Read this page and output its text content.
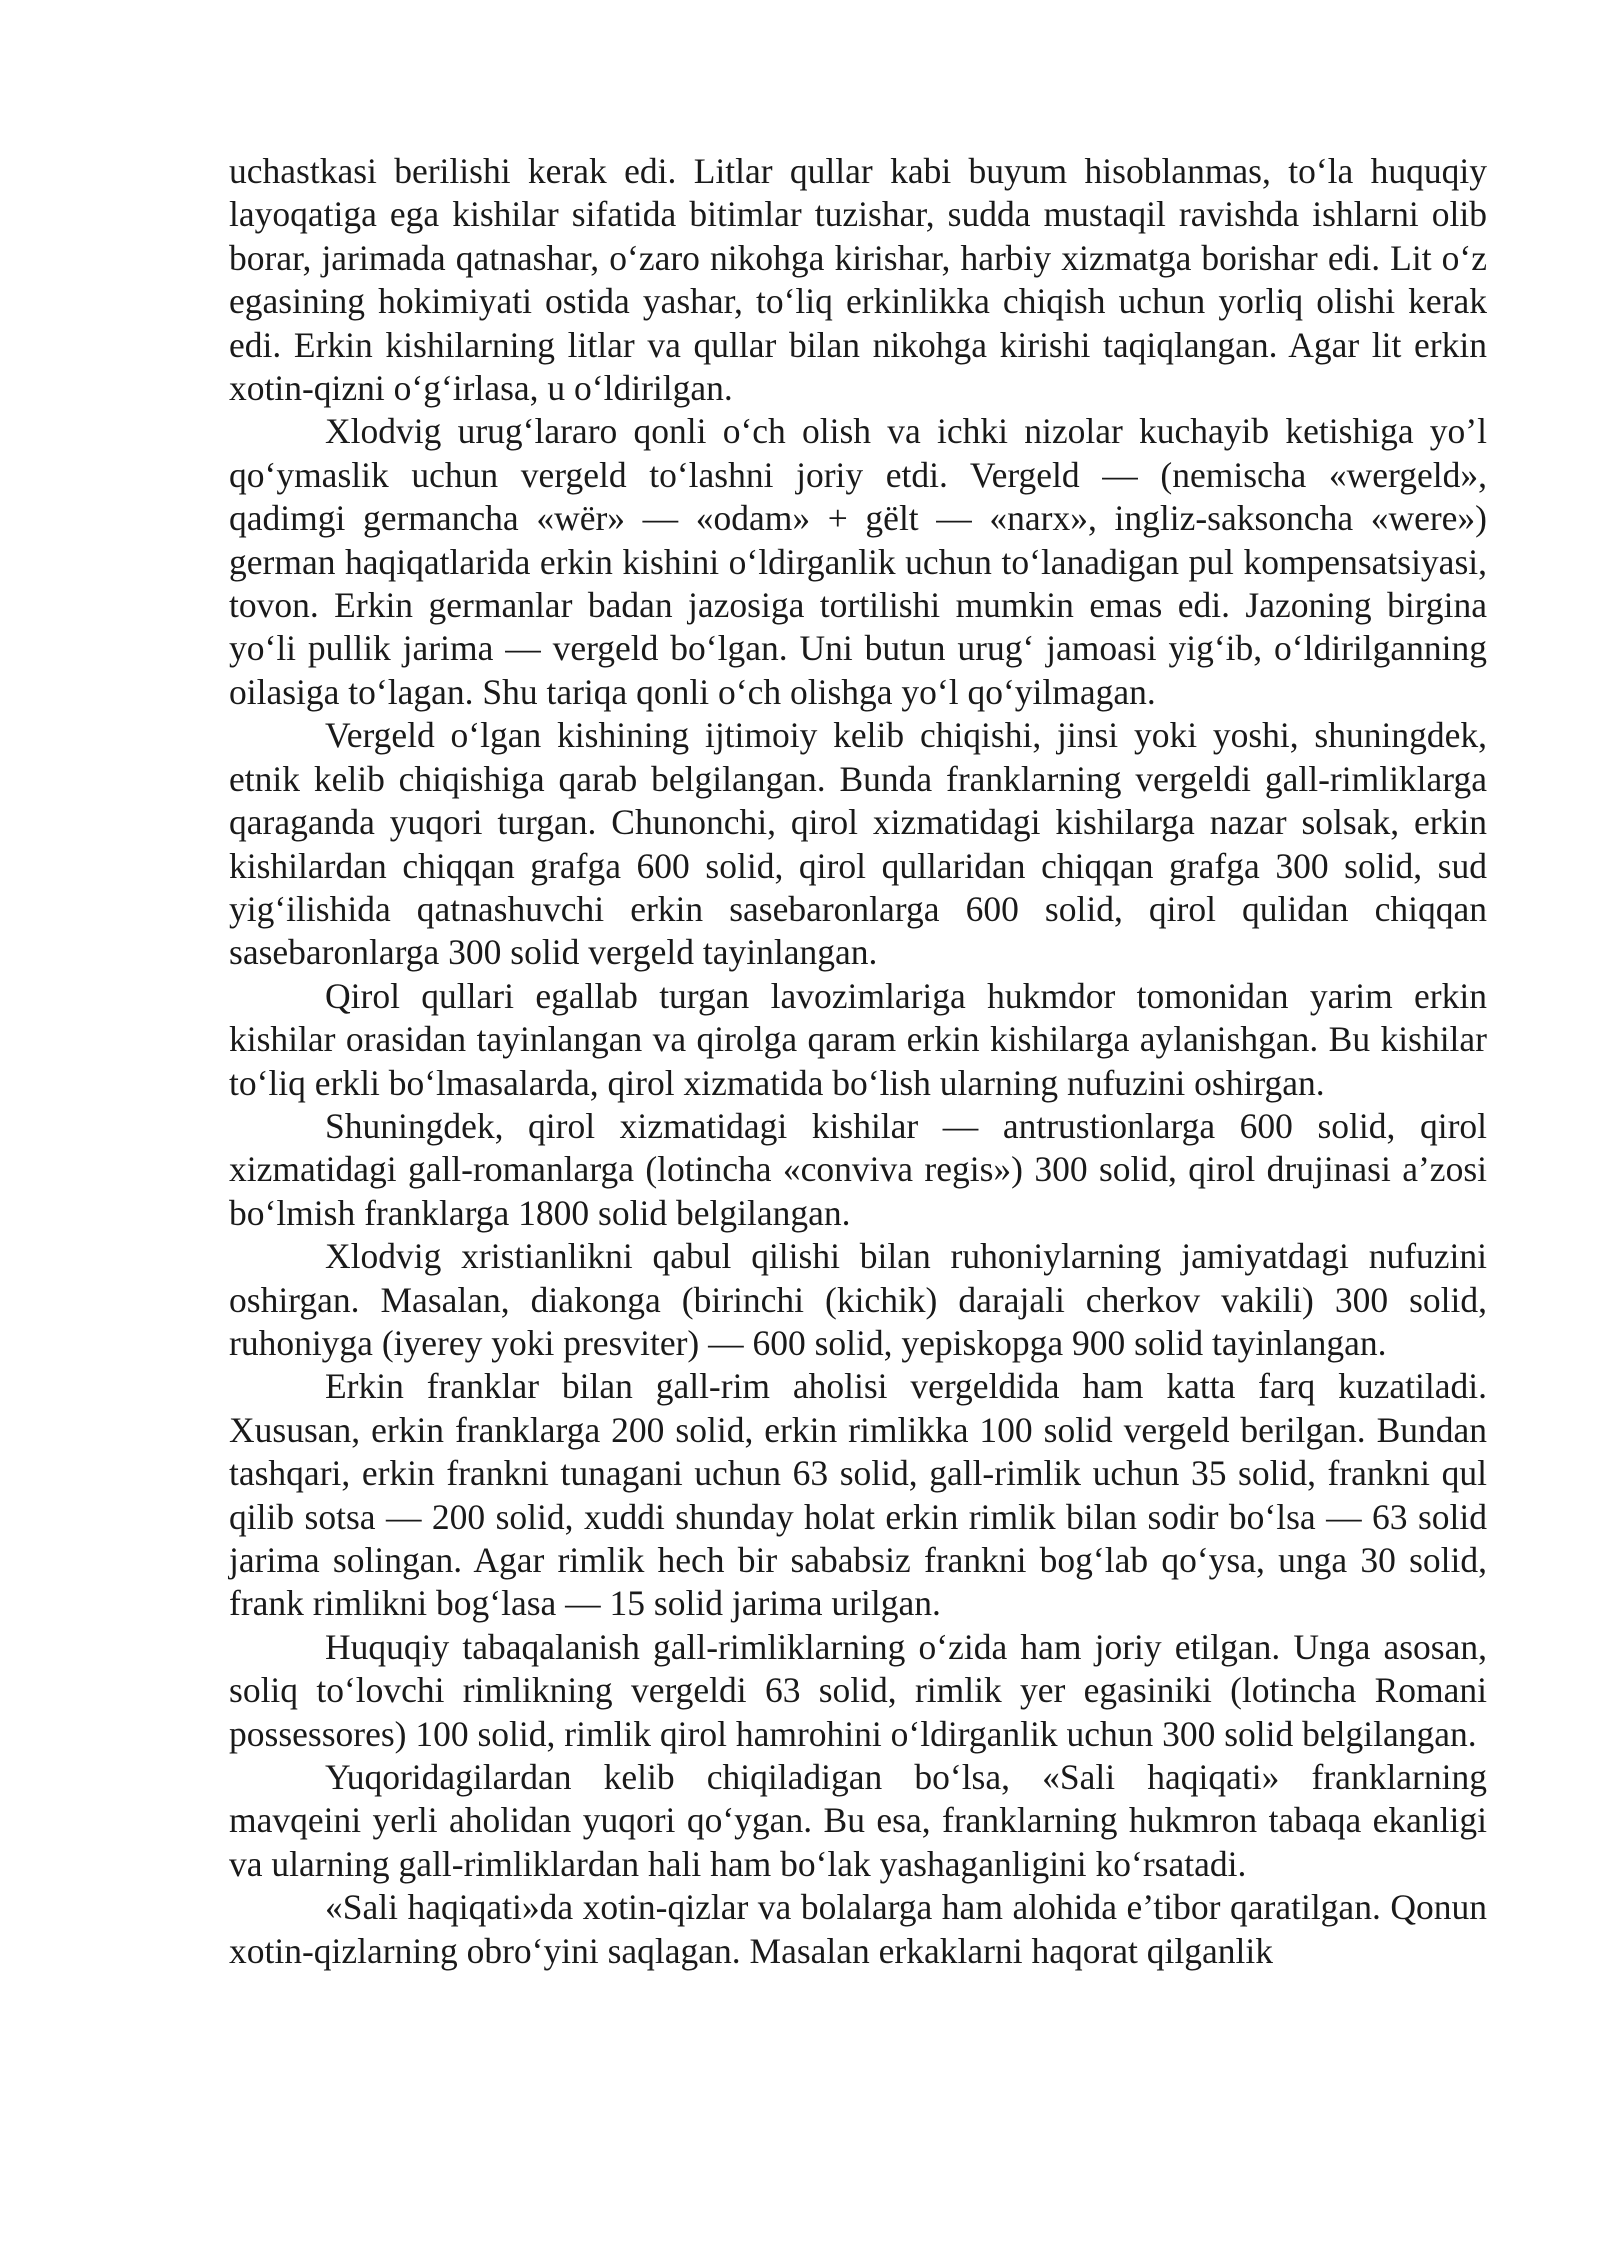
uchastkasi berilishi kerak edi. Litlar qullar kabi buyum hisoblanmas, to‘la huquqiy layoqatiga ega kishilar sifatida bitimlar tuzishar, sudda mustaqil ravishda ishlarni olib borar, jarimada qatnashar, o‘zaro nikohga kirishar, harbiy xizmatga borishar edi. Lit o‘z egasining hokimiyati ostida yashar, to‘liq erkinlikka chiqish uchun yorliq olishi kerak edi. Erkin kishilarning litlar va qullar bilan nikohga kirishi taqiqlangan. Agar lit erkin xotin-qizni o‘g‘irlasa, u o‘ldirilgan.

Xlodvig urug‘lararo qonli o‘ch olish va ichki nizolar kuchayib ketishiga yo’l qo‘ymaslik uchun vergeld to‘lashni joriy etdi. Vergeld — (nemischa «wergeld», qadimgi germancha «wёr» — «odam» + gёlt — «narx», ingliz-saksoncha «were») german haqiqatlarida erkin kishini o‘ldirganlik uchun to‘lanadigan pul kompensatsiyasi, tovon. Erkin germanlar badan jazosiga tortilishi mumkin emas edi. Jazoning birgina yo‘li pullik jarima — vergeld bo‘lgan. Uni butun urug‘ jamoasi yig‘ib, o‘ldirilganning oilasiga to‘lagan. Shu tariqa qonli o‘ch olishga yo‘l qo‘yilmagan.

Vergeld o‘lgan kishining ijtimoiy kelib chiqishi, jinsi yoki yoshi, shuningdek, etnik kelib chiqishiga qarab belgilangan. Bunda franklarning vergeldi gall-rimliklarga qaraganda yuqori turgan. Chunonchi, qirol xizmatidagi kishilarga nazar solsak, erkin kishilardan chiqqan grafga 600 solid, qirol qullaridan chiqqan grafga 300 solid, sud yig‘ilishida qatnashuvchi erkin sasebaronlarga 600 solid, qirol qulidan chiqqan sasebaronlarga 300 solid vergeld tayinlangan.

Qirol qullari egallab turgan lavozimlariga hukmdor tomonidan yarim erkin kishilar orasidan tayinlangan va qirolga qaram erkin kishilarga aylanishgan. Bu kishilar to‘liq erkli bo‘lmasalarda, qirol xizmatida bo‘lish ularning nufuzini oshirgan.

Shuningdek, qirol xizmatidagi kishilar — antrustionlarga 600 solid, qirol xizmatidagi gall-romanlarga (lotincha «conviva regis») 300 solid, qirol drujinasi a’zosi bo‘lmish franklarga 1800 solid belgilangan.

Xlodvig xristianlikni qabul qilishi bilan ruhoniylarning jamiyatdagi nufuzini oshirgan. Masalan, diakonga (birinchi (kichik) darajali cherkov vakili) 300 solid, ruhoniyga (iyerey yoki presviter) — 600 solid, yepiskopga 900 solid tayinlangan.

Erkin franklar bilan gall-rim aholisi vergeldida ham katta farq kuzatiladi. Xususan, erkin franklarga 200 solid, erkin rimlikka 100 solid vergeld berilgan. Bundan tashqari, erkin frankni tunagani uchun 63 solid, gall-rimlik uchun 35 solid, frankni qul qilib sotsa — 200 solid, xuddi shunday holat erkin rimlik bilan sodir bo‘lsa — 63 solid jarima solingan. Agar rimlik hech bir sababsiz frankni bog‘lab qo‘ysa, unga 30 solid, frank rimlikni bog‘lasa — 15 solid jarima urilgan.

Huquqiy tabaqalanish gall-rimliklarning o‘zida ham joriy etilgan. Unga asosan, soliq to‘lovchi rimlikning vergeldi 63 solid, rimlik yer egasiniki (lotincha Romani possessores) 100 solid, rimlik qirol hamrohini o‘ldirganlik uchun 300 solid belgilangan.

Yuqoridagilardan kelib chiqiladigan bo‘lsa, «Sali haqiqati» franklarning mavqeini yerli aholidan yuqori qo‘ygan. Bu esa, franklarning hukmron tabaqa ekanligi va ularning gall-rimliklardan hali ham bo‘lak yashaganligini ko‘rsatadi.

«Sali haqiqati»da xotin-qizlar va bolalarga ham alohida e’tibor qaratilgan. Qonun xotin-qizlarning obro‘yini saqlagan. Masalan erkaklarni haqorat qilganlik
